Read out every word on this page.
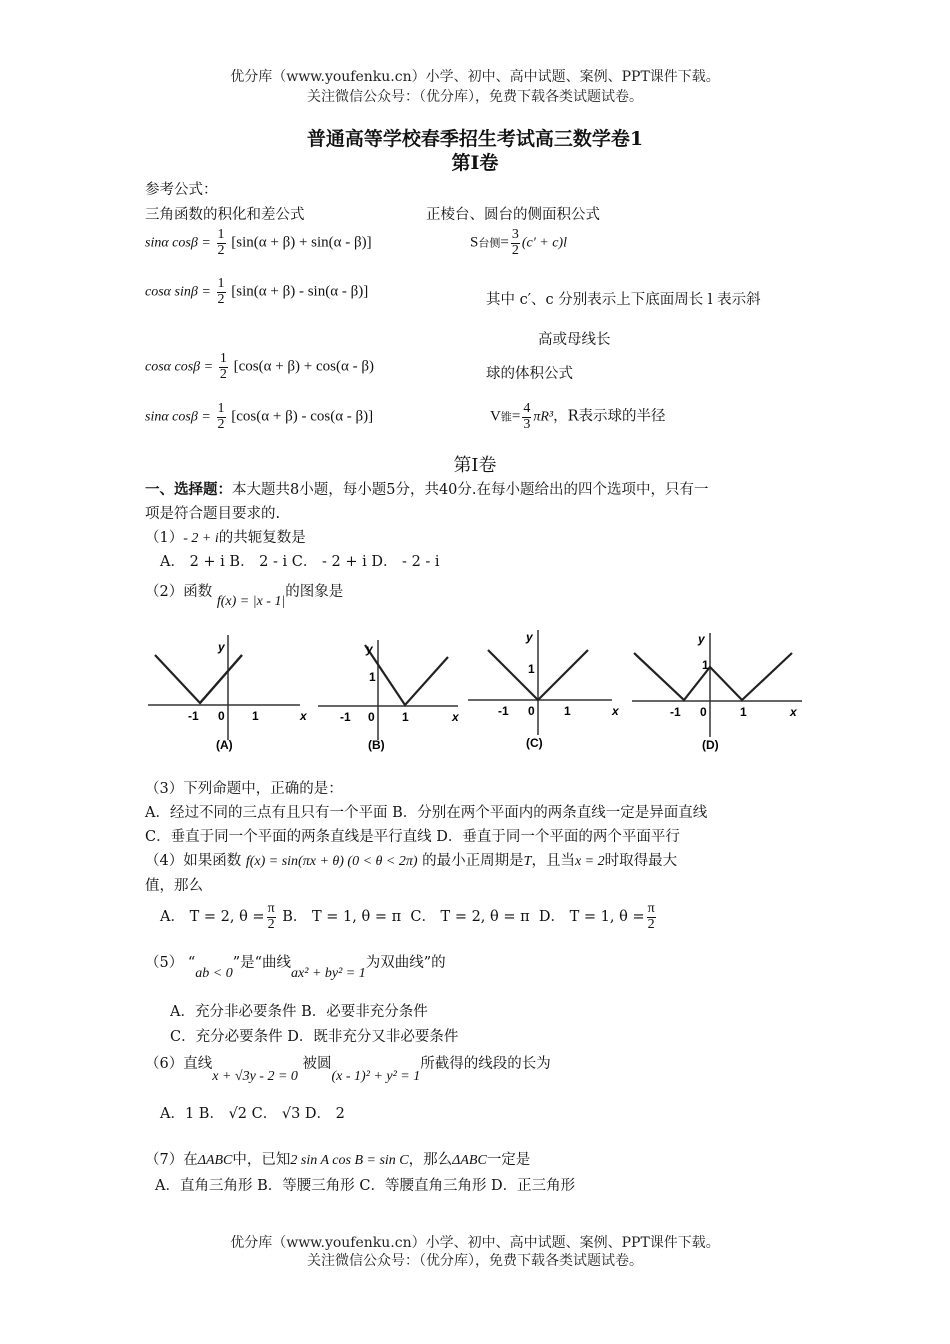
优分库（www.youfenku.cn）小学、初中、高中试题、案例、PPT课件下载。
关注微信公众号：（优分库），免费下载各类试题试卷。
普通高等学校春季招生考试高三数学卷1
第Ⅰ卷
参考公式：
三角函数的积化和差公式	正棱台、圆台的侧面积公式
sinα $\cos\beta = \frac{1}{2} [\sin(\alpha + \beta) + \sin(\alpha - \beta)]$	S台侧= $\frac{3}{2} (c' + c)l$
cosα $\sin\beta = \frac{1}{2} [\sin(\alpha + \beta) - \sin(\alpha - \beta)]$
其中 c′、c 分别表示上下底面周长 l 表示斜
高或母线长
cosα $\cos\beta = \frac{1}{2} [\cos(\alpha + \beta) + \cos(\alpha - \beta)$	球的体积公式
sinα $\cos\beta = \frac{1}{2} [\cos(\alpha + \beta) - \cos(\alpha - \beta)]$	V锥= $\frac{4}{3} \pi R^3$，R表示球的半径
第Ⅰ卷
一、选择题：本大题共8小题，每小题5分，共40分.在每小题给出的四个选项中，只有一
项是符合题目要求的.
（1）- 2 + i的共轭复数是
A． 2 + i B． 2 - i C． - 2 + i D． - 2 - i
（2）函数 f(x) = |x - 1|的图象是
-1 0 1
y
x
(A)
-1 0 1
1
y
x
(B)
-1 0 1
1
y
x
(C)
-1 0	1
1
y
x
(D)
（3）下列命题中，正确的是：
A．经过不同的三点有且只有一个平面 B．分别在两个平面内的两条直线一定是异面直线
C．垂直于同一个平面的两条直线是平行直线 D．垂直于同一个平面的两个平面平行
（4）如果函数 f(x) = sin(πx + θ) (0 < θ < 2π) 的最小正周期是T，且当x = 2时取得最大
值，那么
A． T = 2, $\theta = \frac{\pi}{2}$ B． T = 1, θ = π C． T = 2, θ = π D． T = 1, $\theta = \frac{\pi}{2}$
（5） “ab < 0”是“曲线ax² + by² = 1为双曲线”的
A．充分非必要条件 B．必要非充分条件
C．充分必要条件 D．既非充分又非必要条件
（6）直线x + √3y - 2 = 0 被圆(x - 1)² + y² = 1所截得的线段的长为
A．1 B． √2 C． √3 D． 2
（7）在ΔABC中，已知2 sin A cos B = sin C，那么ΔABC一定是
A．直角三角形 B．等腰三角形 C．等腰直角三角形 D．正三角形
优分库（www.youfenku.cn）小学、初中、高中试题、案例、PPT课件下载。
关注微信公众号：（优分库），免费下载各类试题试卷。
